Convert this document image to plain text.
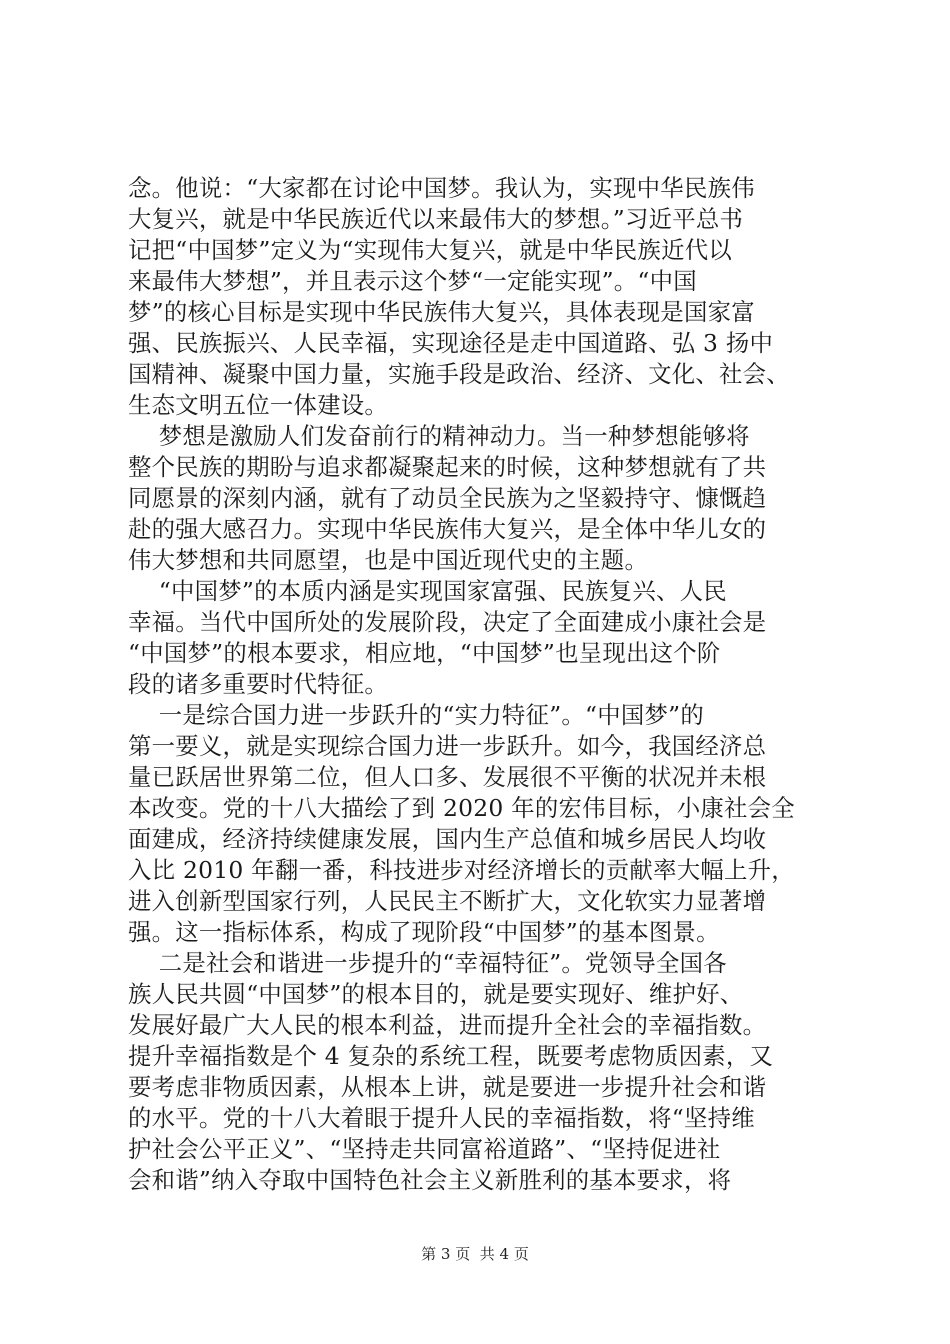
念。他说：“大家都在讨论中国梦。我认为，实现中华民族伟
大复兴，就是中华民族近代以来最伟大的梦想。”习近平总书
记把“中国梦”定义为“实现伟大复兴，就是中华民族近代以
来最伟大梦想”，并且表示这个梦“一定能实现”。“中国
梦”的核心目标是实现中华民族伟大复兴，具体表现是国家富
强、民族振兴、人民幸福，实现途径是走中国道路、弘 3 扬中
国精神、凝聚中国力量，实施手段是政治、经济、文化、社会、
生态文明五位一体建设。
梦想是激励人们发奋前行的精神动力。当一种梦想能够将
整个民族的期盼与追求都凝聚起来的时候，这种梦想就有了共
同愿景的深刻内涵，就有了动员全民族为之坚毅持守、慷慨趋
赴的强大感召力。实现中华民族伟大复兴，是全体中华儿女的
伟大梦想和共同愿望，也是中国近现代史的主题。
“中国梦”的本质内涵是实现国家富强、民族复兴、人民
幸福。当代中国所处的发展阶段，决定了全面建成小康社会是
“中国梦”的根本要求，相应地，“中国梦”也呈现出这个阶
段的诸多重要时代特征。
一是综合国力进一步跃升的“实力特征”。“中国梦”的
第一要义，就是实现综合国力进一步跃升。如今，我国经济总
量已跃居世界第二位，但人口多、发展很不平衡的状况并未根
本改变。党的十八大描绘了到 2020 年的宏伟目标，小康社会全
面建成，经济持续健康发展，国内生产总值和城乡居民人均收
入比 2010 年翻一番，科技进步对经济增长的贡献率大幅上升，
进入创新型国家行列，人民民主不断扩大，文化软实力显著增
强。这一指标体系，构成了现阶段“中国梦”的基本图景。
二是社会和谐进一步提升的“幸福特征”。党领导全国各
族人民共圆“中国梦”的根本目的，就是要实现好、维护好、
发展好最广大人民的根本利益，进而提升全社会的幸福指数。
提升幸福指数是个 4 复杂的系统工程，既要考虑物质因素，又
要考虑非物质因素，从根本上讲，就是要进一步提升社会和谐
的水平。党的十八大着眼于提升人民的幸福指数，将“坚持维
护社会公平正义”、“坚持走共同富裕道路”、“坚持促进社
会和谐”纳入夺取中国特色社会主义新胜利的基本要求，将
第 3 页  共 4 页
